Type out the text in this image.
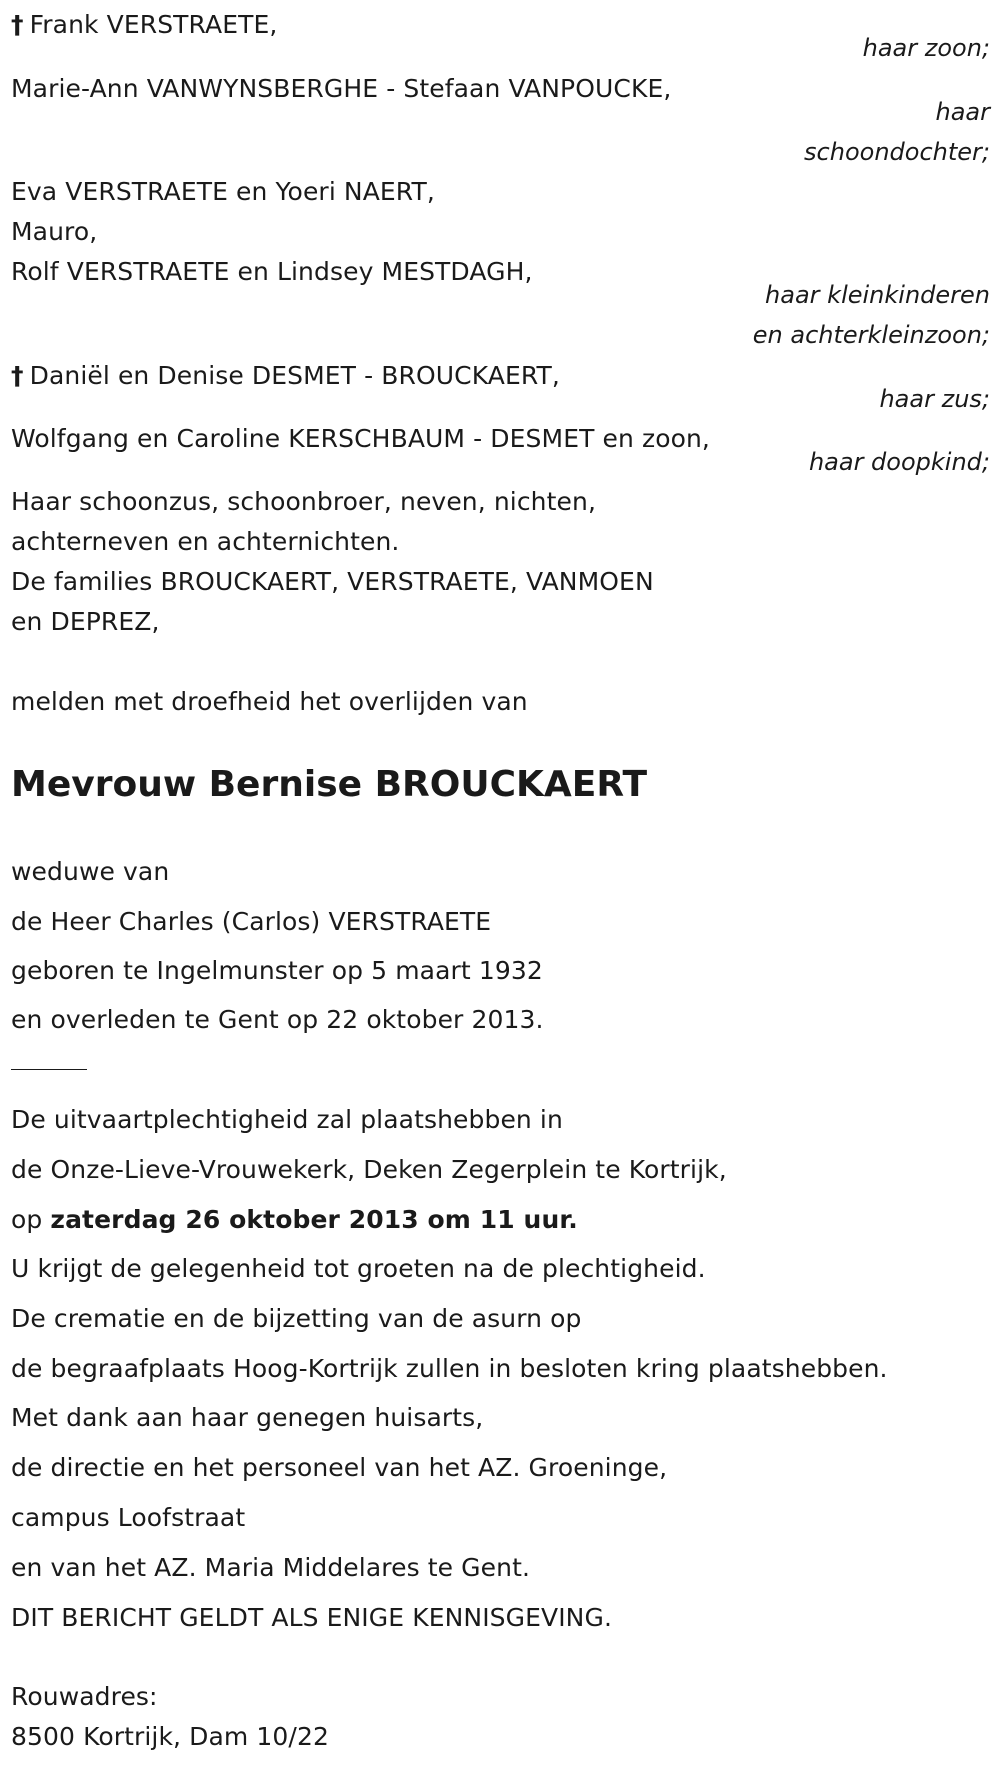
† Frank VERSTRAETE,
haar zoon;
Marie-Ann VANWYNSBERGHE - Stefaan VANPOUCKE,
haar
schoondochter;
Eva VERSTRAETE en Yoeri NAERT,
Mauro,
Rolf VERSTRAETE en Lindsey MESTDAGH,
haar kleinkinderen
en achterkleinzoon;
† Daniël en Denise DESMET - BROUCKAERT,
haar zus;
Wolfgang en Caroline KERSCHBAUM - DESMET en zoon,
haar doopkind;
Haar schoonzus, schoonbroer, neven, nichten,
achterneven en achternichten.
De families BROUCKAERT, VERSTRAETE, VANMOEN
en DEPREZ,
melden met droefheid het overlijden van
Mevrouw Bernise BROUCKAERT
weduwe van
de Heer Charles (Carlos) VERSTRAETE
geboren te Ingelmunster op 5 maart 1932
en overleden te Gent op 22 oktober 2013.
De uitvaartplechtigheid zal plaatshebben in
de Onze-Lieve-Vrouwekerk, Deken Zegerplein te Kortrijk,
op zaterdag 26 oktober 2013 om 11 uur.
U krijgt de gelegenheid tot groeten na de plechtigheid.
De crematie en de bijzetting van de asurn op
de begraafplaats Hoog-Kortrijk zullen in besloten kring plaatshebben.
Met dank aan haar genegen huisarts,
de directie en het personeel van het AZ. Groeninge,
campus Loofstraat
en van het AZ. Maria Middelares te Gent.
DIT BERICHT GELDT ALS ENIGE KENNISGEVING.
Rouwadres:
8500 Kortrijk, Dam 10/22
